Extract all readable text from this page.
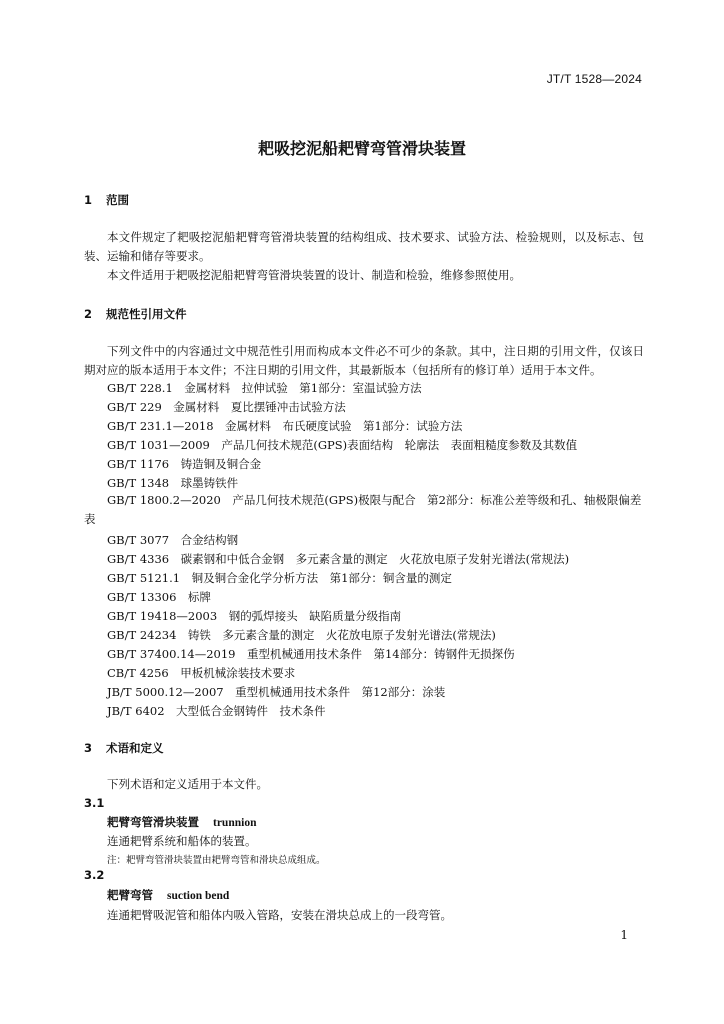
JT/T 1528—2024
耙吸挖泥船耙臂弯管滑块装置
1 范围
本文件规定了耙吸挖泥船耙臂弯管滑块装置的结构组成、技术要求、试验方法、检验规则，以及标志、包装、运输和储存等要求。
本文件适用于耙吸挖泥船耙臂弯管滑块装置的设计、制造和检验，维修参照使用。
2 规范性引用文件
下列文件中的内容通过文中规范性引用而构成本文件必不可少的条款。其中，注日期的引用文件，仅该日期对应的版本适用于本文件；不注日期的引用文件，其最新版本（包括所有的修订单）适用于本文件。
GB/T 228.1　金属材料　拉伸试验　第1部分：室温试验方法
GB/T 229　金属材料　夏比摆锤冲击试验方法
GB/T 231.1—2018　金属材料　布氏硬度试验　第1部分：试验方法
GB/T 1031—2009　产品几何技术规范(GPS)表面结构　轮廓法　表面粗糙度参数及其数值
GB/T 1176　铸造铜及铜合金
GB/T 1348　球墨铸铁件
GB/T 1800.2—2020　产品几何技术规范(GPS)极限与配合　第2部分：标准公差等级和孔、轴极限偏差表
GB/T 3077　合金结构钢
GB/T 4336　碳素钢和中低合金钢　多元素含量的测定　火花放电原子发射光谱法(常规法)
GB/T 5121.1　铜及铜合金化学分析方法　第1部分：铜含量的测定
GB/T 13306　标牌
GB/T 19418—2003　钢的弧焊接头　缺陷质量分级指南
GB/T 24234　铸铁　多元素含量的测定　火花放电原子发射光谱法(常规法)
GB/T 37400.14—2019　重型机械通用技术条件　第14部分：铸钢件无损探伤
CB/T 4256　甲板机械涂装技术要求
JB/T 5000.12—2007　重型机械通用技术条件　第12部分：涂装
JB/T 6402　大型低合金钢铸件　技术条件
3 术语和定义
下列术语和定义适用于本文件。
3.1
耙臂弯管滑块装置 trunnion
连通耙臂系统和船体的装置。
注：耙臂弯管滑块装置由耙臂弯管和滑块总成组成。
3.2
耙臂弯管 suction bend
连通耙臂吸泥管和船体内吸入管路，安装在滑块总成上的一段弯管。
1
